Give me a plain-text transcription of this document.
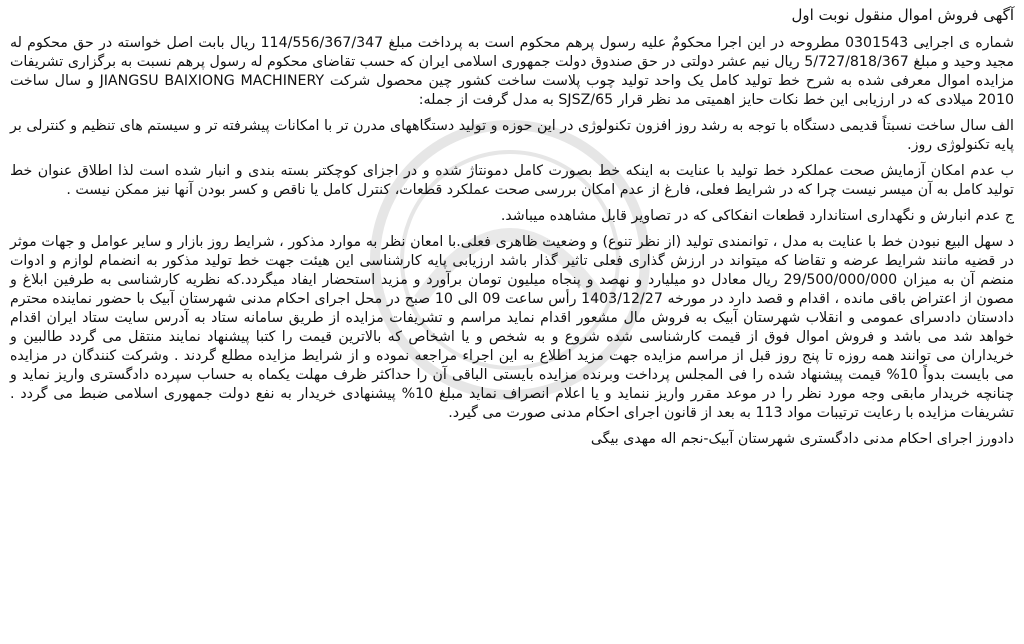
آگهی فروش اموال منقول نوبت اول

شماره ی اجرایی 0301543 مطروحه در این اجرا محکومٌ علیه رسول پرهم محکوم است به پرداخت مبلغ 114/556/367/347 ریال بابت اصل خواسته در حق محکوم له مجید وحید و مبلغ 5/727/818/367 ریال نیم عشر دولتی در حق صندوق دولت جمهوری اسلامی ایران که حسب تقاضای محکوم له رسول پرهم نسبت به برگزاری تشریفات مزایده اموال معرفی شده به شرح خط تولید کامل یک واحد تولید چوب پلاست ساخت کشور چین محصول شرکت JIANGSU BAIXIONG MACHINERY و سال ساخت 2010 میلادی که در ارزیابی این خط نکات حایز اهمیتی مد نظر قرار SJSZ/65 به مدل گرفت از جمله:

الف سال ساخت نسبتاً قدیمی دستگاه با توجه به رشد روز افزون تکنولوژی در این حوزه و تولید دستگاههای مدرن تر با امکانات پیشرفته تر و سیستم های تنظیم و کنترلی بر پایه تکنولوژی روز.

ب عدم امکان آزمایش صحت عملکرد خط تولید با عنایت به اینکه خط بصورت کامل دمونتاژ شده و در اجزای کوچکتر بسته بندی و انبار شده است لذا اطلاق عنوان خط تولید کامل به آن میسر نیست چرا که در شرایط فعلی، فارغ از عدم امکان بررسی صحت عملکرد قطعات، کنترل کامل یا ناقص و کسر بودن آنها نیز ممکن نیست .

ج عدم انبارش و نگهداری استاندارد قطعات انفکاکی که در تصاویر قابل مشاهده میباشد.

د سهل البیع نبودن خط با عنایت به مدل ، توانمندی تولید (از نظر تنوع) و وضعیت ظاهری فعلی.با امعان نظر به موارد مذکور ، شرایط روز بازار و سایر عوامل و جهات موثر در قضیه مانند شرایط عرضه و تقاضا که میتواند در ارزش گذاری فعلی تاثیر گذار باشد ارزیابی پایه کارشناسی این هیئت جهت خط تولید مذکور به انضمام لوازم و ادوات منضم آن به میزان 29/500/000/000 ریال معادل دو میلیارد و نهصد و پنجاه میلیون تومان برآورد و مزید استحضار ایفاد میگردد.که نظریه کارشناسی به طرفین ابلاغ و مصون از اعتراض باقی مانده ، اقدام و قصد دارد در مورخه 1403/12/27 رأس ساعت 09 الی 10 صبح در محل اجرای احکام مدنی شهرستان آبیک با حضور نماینده محترم دادستان دادسرای عمومی و انقلاب شهرستان آبیک به فروش مال مشعور اقدام نماید مراسم و تشریفات مزایده از طریق سامانه ستاد به آدرس سایت ستاد ایران اقدام خواهد شد می باشد و فروش اموال فوق از قیمت کارشناسی شده شروع و به شخص و یا اشخاص که بالاترین قیمت را کتبا پیشنهاد نمایند منتقل می گردد طالبین و خریداران می توانند همه روزه تا پنج روز قبل از مراسم مزایده جهت مزید اطلاع به این اجراء مراجعه نموده و از شرایط مزایده مطلع گردند . وشرکت کنندگان در مزایده می بایست بدواً 10% قیمت پیشنهاد شده را فی المجلس پرداخت وبرنده مزایده بایستی الباقی آن را حداکثر ظرف مهلت یکماه به حساب سپرده دادگستری واریز نماید و چنانچه خریدار مابقی وجه مورد نظر را در موعد مقرر واریز ننماید و یا اعلام انصراف نماید مبلغ 10% پیشنهادی خریدار به نفع دولت جمهوری اسلامی ضبط می گردد . تشریفات مزایده با رعایت ترتیبات مواد 113 به بعد از قانون اجرای احکام مدنی صورت می گیرد.

دادورز اجرای احکام مدنی دادگستری شهرستان آبیک-نجم اله مهدی بیگی
